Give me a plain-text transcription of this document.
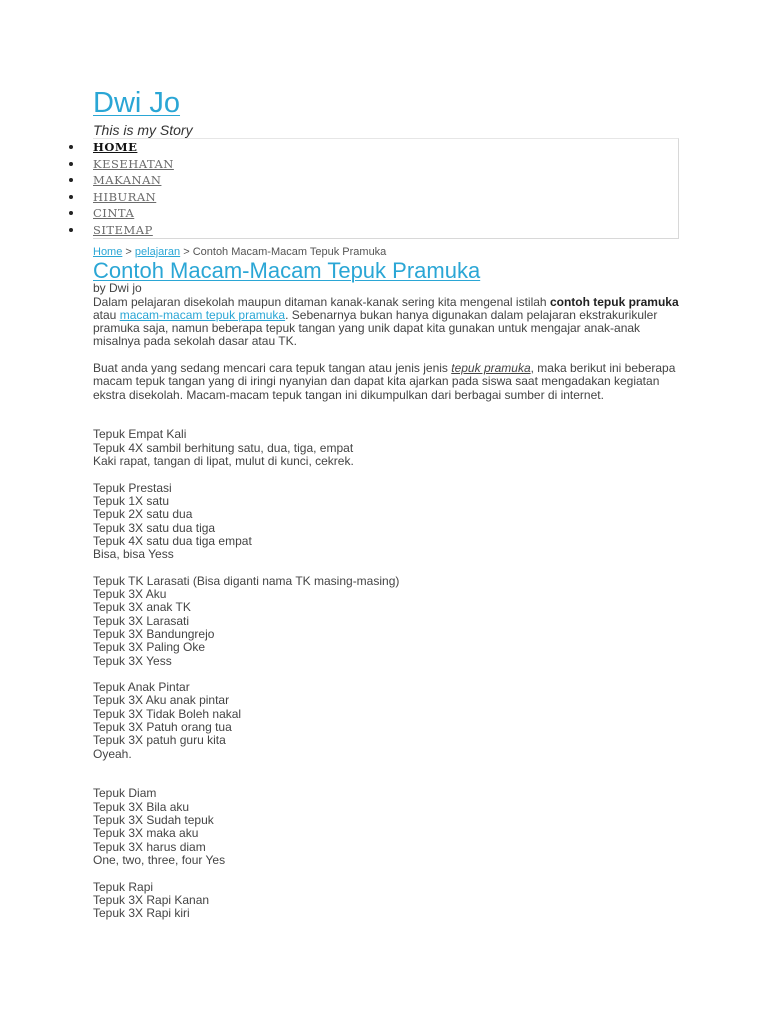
Dwi Jo
This is my Story
HOME
KESEHATAN
MAKANAN
HIBURAN
CINTA
SITEMAP
Home > pelajaran > Contoh Macam-Macam Tepuk Pramuka
Contoh Macam-Macam Tepuk Pramuka
by Dwi jo

Dalam pelajaran disekolah maupun ditaman kanak-kanak sering kita mengenal istilah contoh tepuk pramuka atau macam-macam tepuk pramuka. Sebenarnya bukan hanya digunakan dalam pelajaran ekstrakurikuler pramuka saja, namun beberapa tepuk tangan yang unik dapat kita gunakan untuk mengajar anak-anak misalnya pada sekolah dasar atau TK.

Buat anda yang sedang mencari cara tepuk tangan atau jenis jenis tepuk pramuka, maka berikut ini beberapa macam tepuk tangan yang di iringi nyanyian dan dapat kita ajarkan pada siswa saat mengadakan kegiatan ekstra disekolah. Macam-macam tepuk tangan ini dikumpulkan dari berbagai sumber di internet.

Tepuk Empat Kali

Tepuk 4X sambil berhitung satu, dua, tiga, empat

Kaki rapat, tangan di lipat, mulut di kunci, cekrek.

Tepuk Prestasi

Tepuk 1X satu

Tepuk 2X satu dua

Tepuk 3X satu dua tiga

Tepuk 4X satu dua tiga empat

Bisa, bisa Yess

Tepuk TK Larasati (Bisa diganti nama TK masing-masing)

Tepuk 3X Aku

Tepuk 3X anak TK

Tepuk 3X Larasati

Tepuk 3X Bandungrejo

Tepuk 3X Paling Oke

Tepuk 3X Yess

Tepuk Anak Pintar

Tepuk 3X Aku anak pintar

Tepuk 3X Tidak Boleh nakal

Tepuk 3X Patuh orang tua

Tepuk 3X patuh guru kita

Oyeah.

Tepuk Diam

Tepuk 3X Bila aku

Tepuk 3X Sudah tepuk

Tepuk 3X maka aku

Tepuk 3X harus diam

One, two, three, four Yes

Tepuk Rapi

Tepuk 3X Rapi Kanan

Tepuk 3X Rapi kiri
